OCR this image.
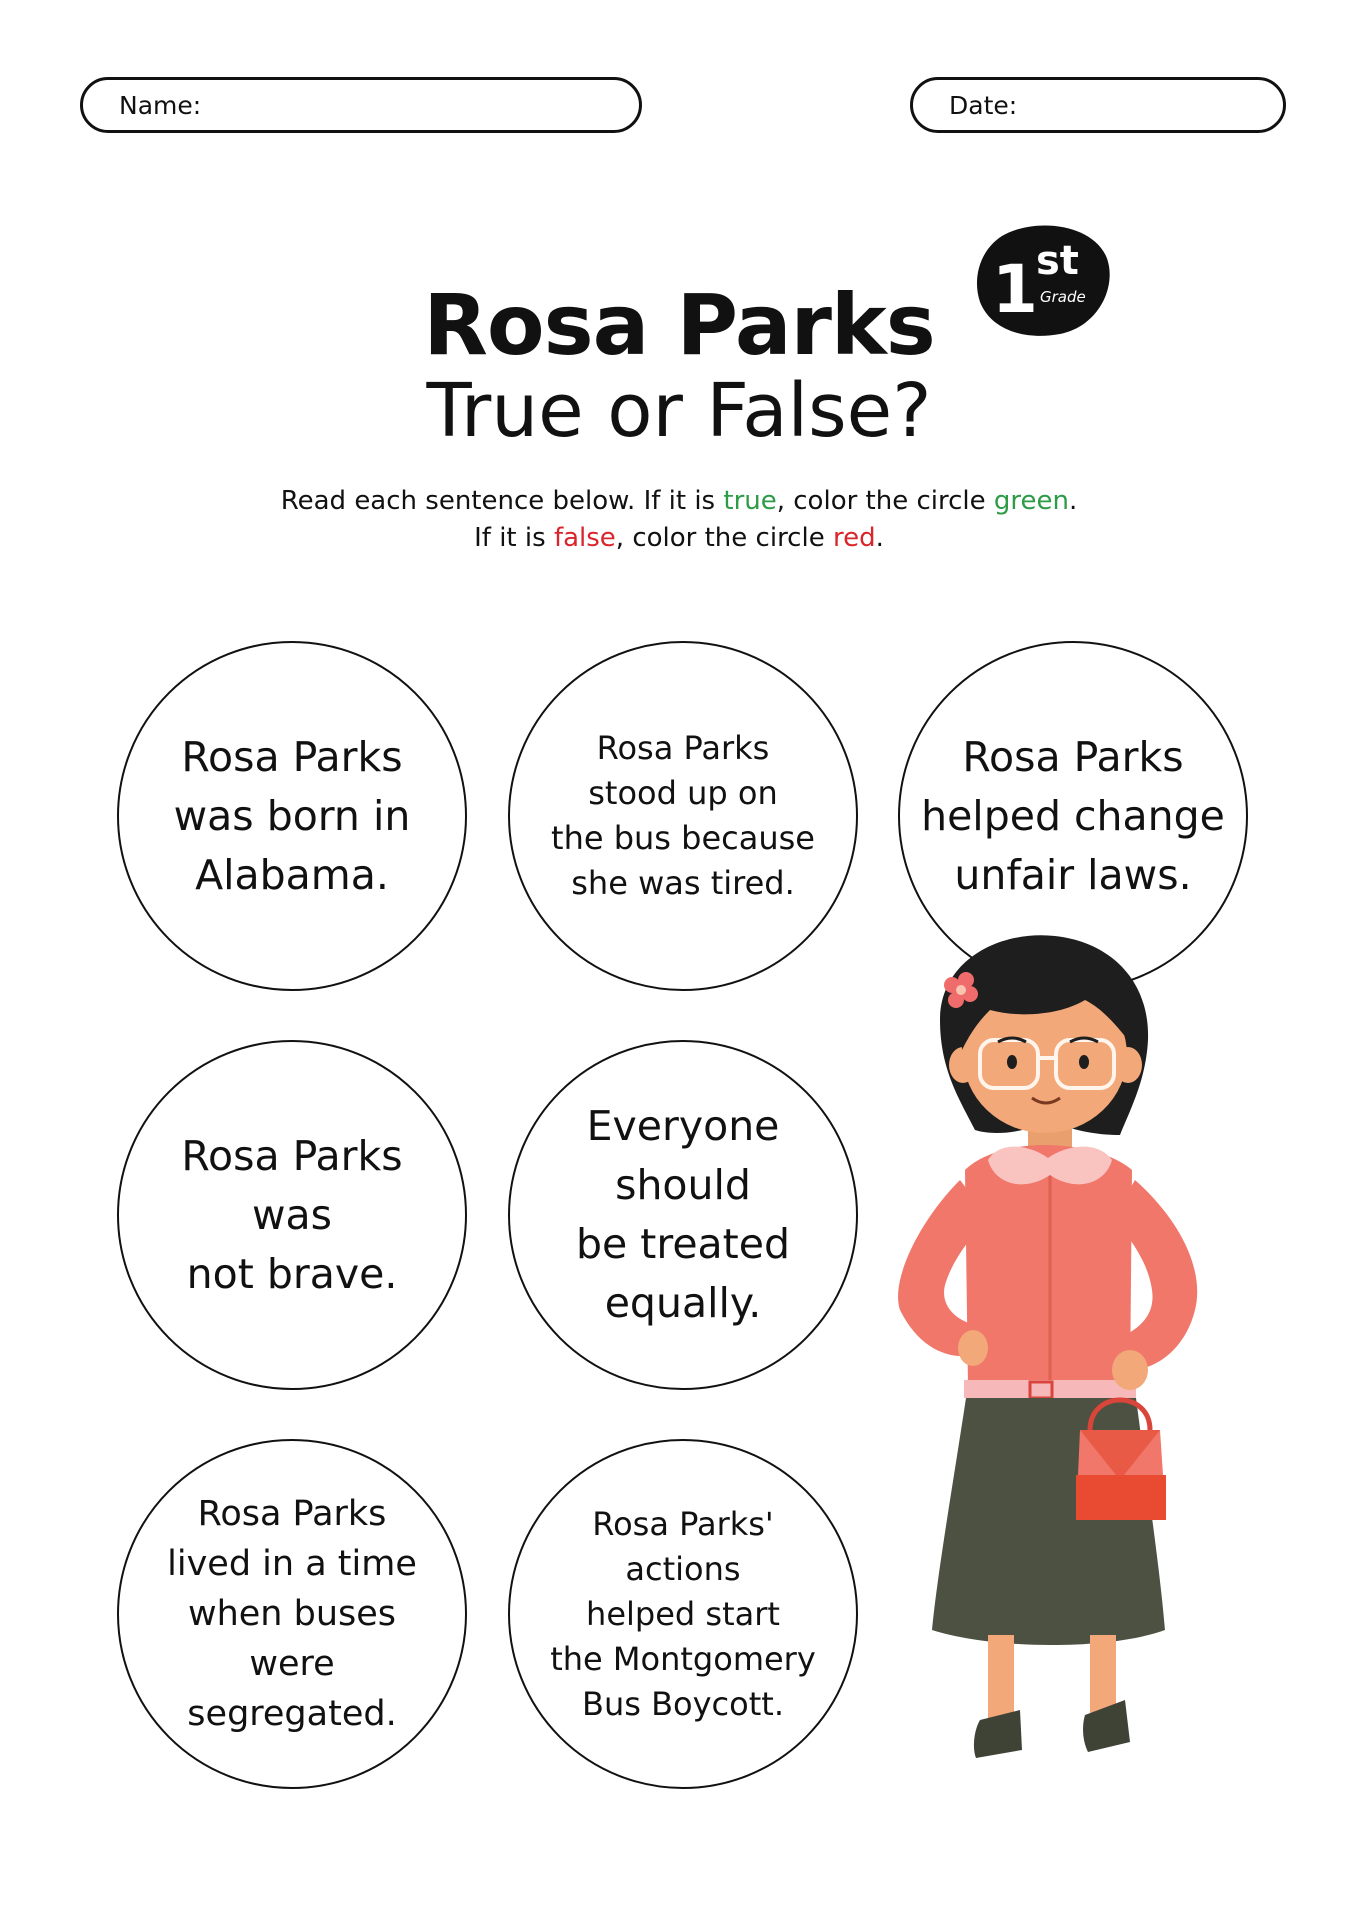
Name:	Date:
Rosa Parks
True or False?
1
st
Grade
Read each sentence below. If it is true, color the circle green.
If it is false, color the circle red.
Rosa Parks
was born in
Alabama.
Rosa Parks
stood up on
the bus because
she was tired.
Everyone
should
be treated
equally.
Rosa Parks
was
not brave.
Rosa Parks
lived in a time
when buses
were
segregated.
Rosa Parks'
actions
helped start
the Montgomery
Bus Boycott.
Rosa Parks
helped change
unfair laws.
